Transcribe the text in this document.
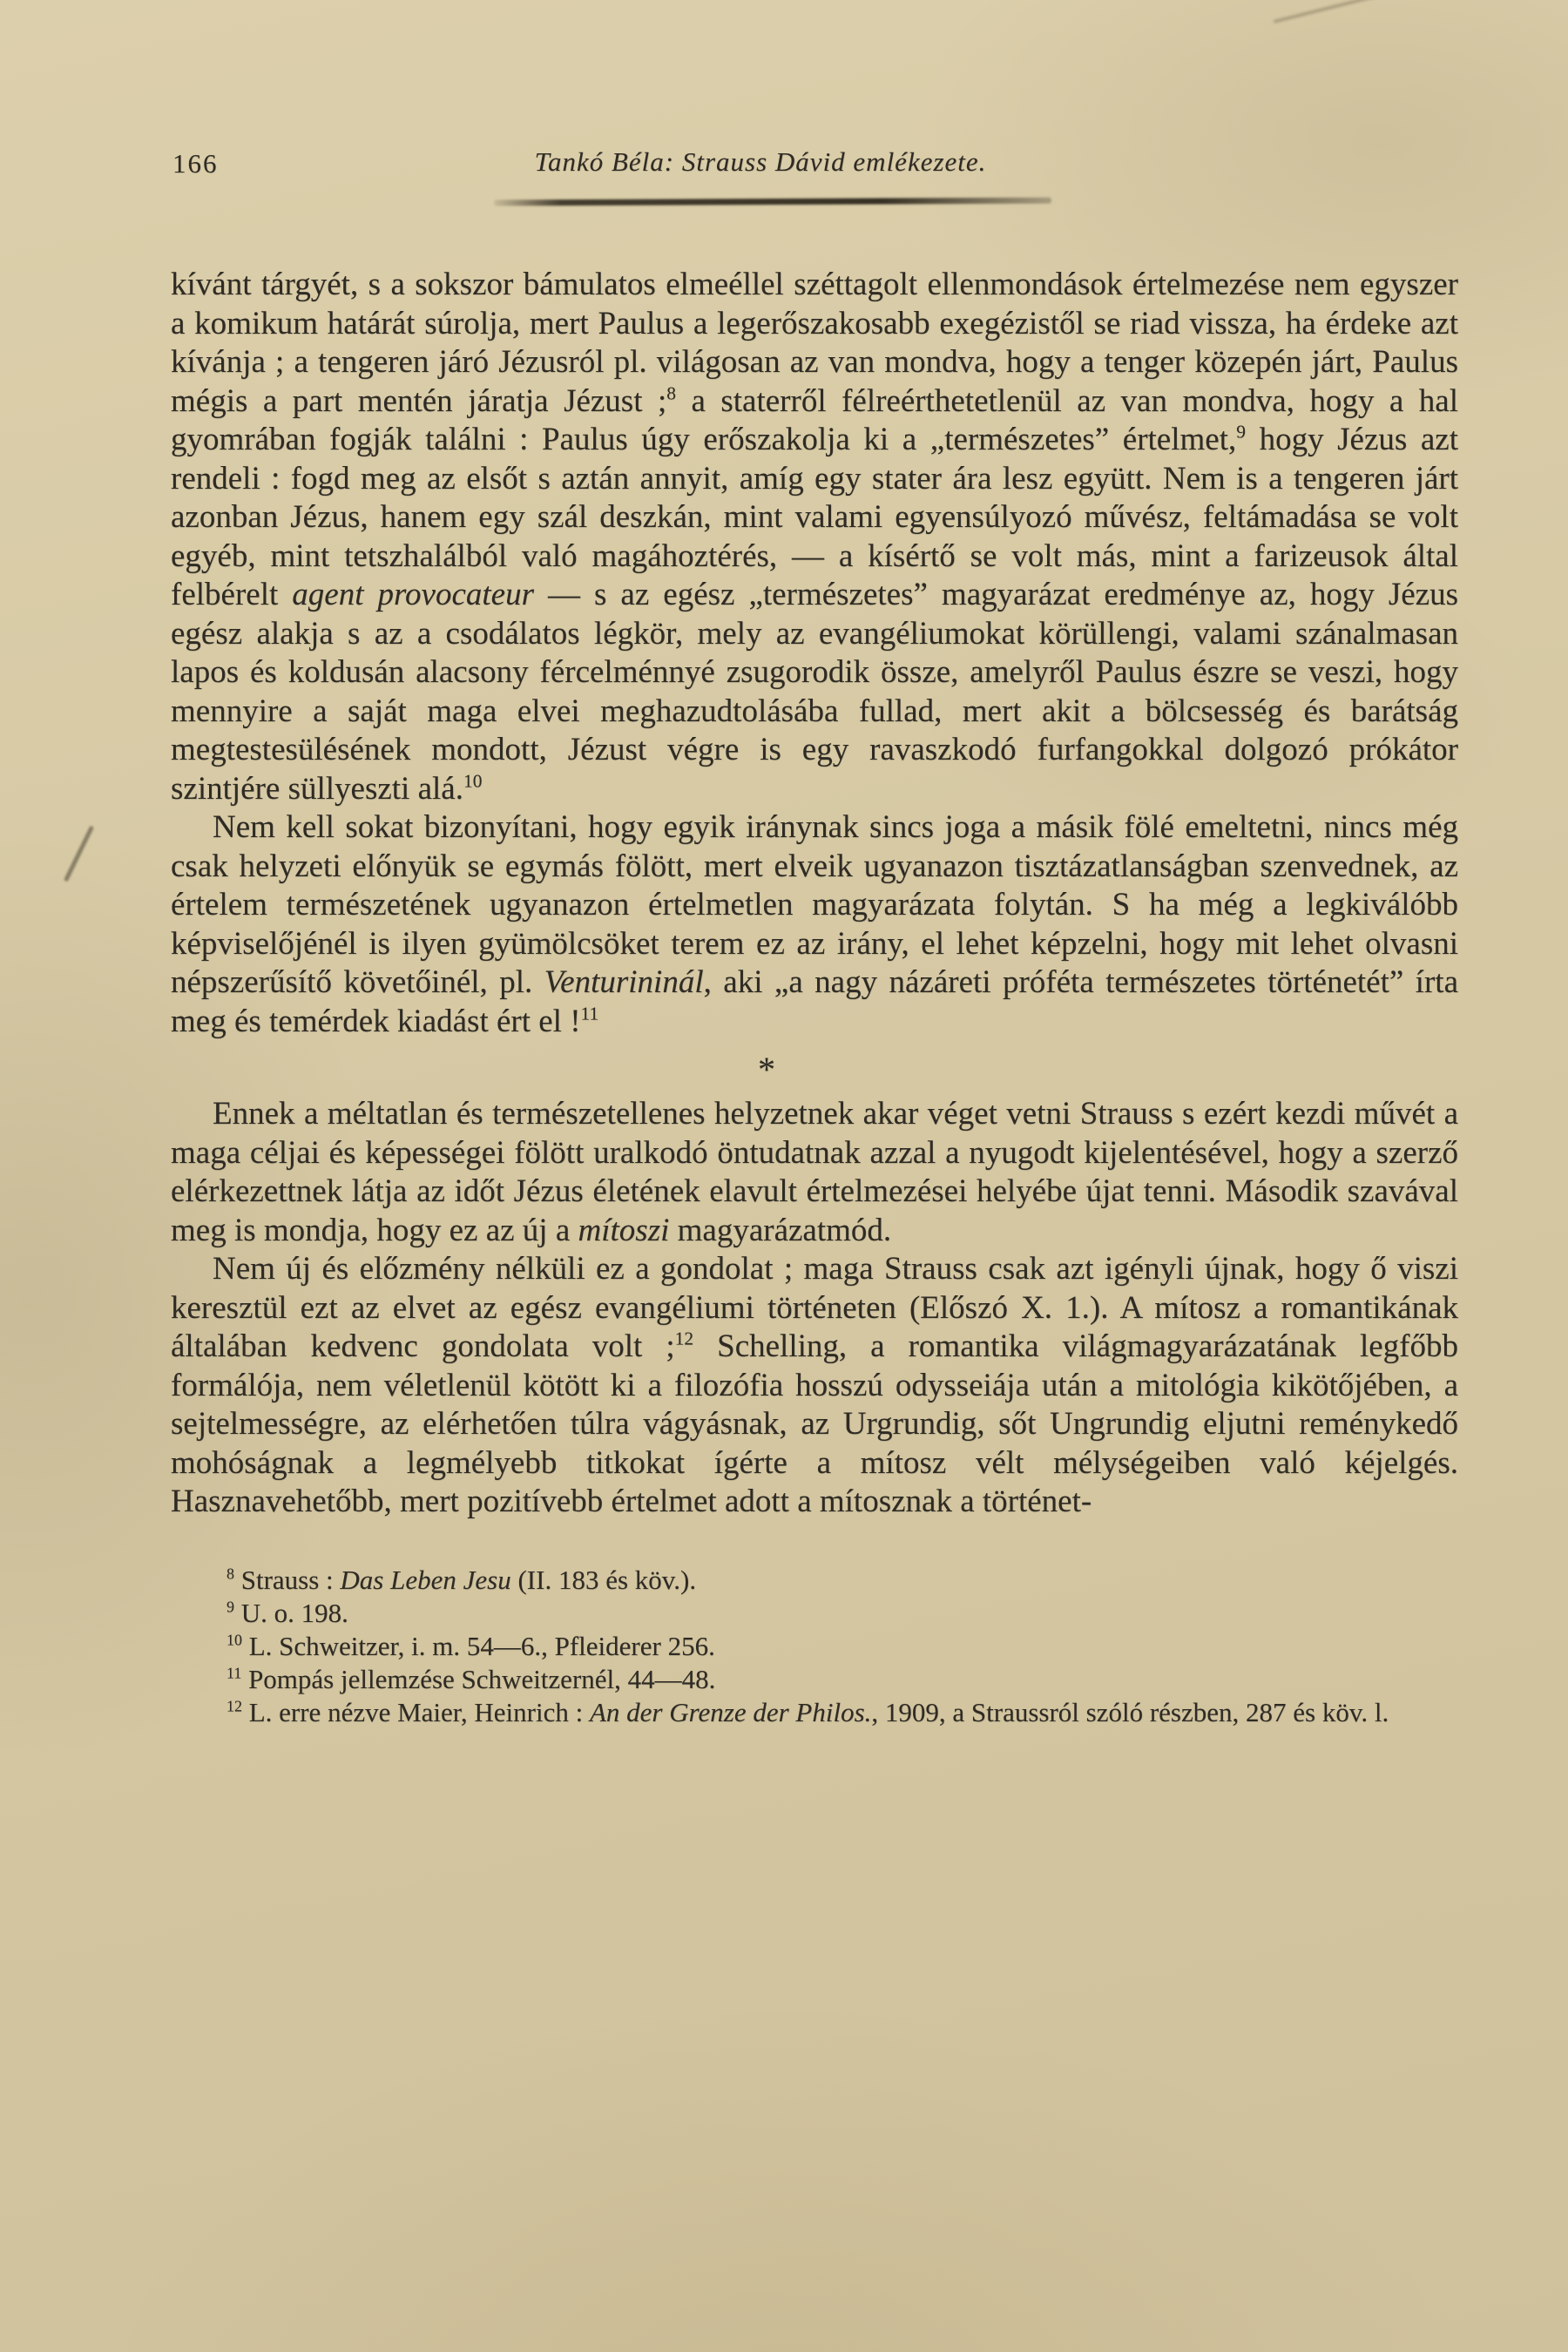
166	Tankó Béla: Strauss Dávid emlékezete.

kívánt tárgyét, s a sokszor bámulatos elmeéllel széttagolt ellenmondások értelmezése nem egyszer a komikum határát súrolja, mert Paulus a legerőszakosabb exegézistől se riad vissza, ha érdeke azt kívánja ; a tengeren járó Jézusról pl. világosan az van mondva, hogy a tenger közepén járt, Paulus mégis a part mentén járatja Jézust ;$^8$ a staterről félreérthetetlenül az van mondva, hogy a hal gyomrában fogják találni : Paulus úgy erőszakolja ki a „természetes” értelmet,$^9$ hogy Jézus azt rendeli : fogd meg az elsőt s aztán annyit, amíg egy stater ára lesz együtt. Nem is a tengeren járt azonban Jézus, hanem egy szál deszkán, mint valami egyensúlyozó művész, feltámadása se volt egyéb, mint tetszhalálból való magáhoztérés, — a kísértő se volt más, mint a farizeusok által felbérelt agent provocateur — s az egész „természetes” magyarázat eredménye az, hogy Jézus egész alakja s az a csodálatos légkör, mely az evangéliumokat körüllengi, valami szánalmasan lapos és koldusán alacsony fércelménnyé zsugorodik össze, amelyről Paulus észre se veszi, hogy mennyire a saját maga elvei meghazudtolásába fullad, mert akit a bölcsesség és barátság megtestesülésének mondott, Jézust végre is egy ravaszkodó furfangokkal dolgozó prókátor szintjére süllyeszti alá.$^{10}$

Nem kell sokat bizonyítani, hogy egyik iránynak sincs joga a másik fölé emeltetni, nincs még csak helyzeti előnyük se egymás fölött, mert elveik ugyanazon tisztázatlanságban szenvednek, az értelem természetének ugyanazon értelmetlen magyarázata folytán. S ha még a legkiválóbb képviselőjénél is ilyen gyümölcsöket terem ez az irány, el lehet képzelni, hogy mit lehet olvasni népszerűsítő követőinél, pl. Venturininál, aki „a nagy názáreti próféta természetes történetét” írta meg és temérdek kiadást ért el !$^{11}$

*

Ennek a méltatlan és természetellenes helyzetnek akar véget vetni Strauss s ezért kezdi művét a maga céljai és képességei fölött uralkodó öntudatnak azzal a nyugodt kijelentésével, hogy a szerző elérkezettnek látja az időt Jézus életének elavult értelmezései helyébe újat tenni. Második szavával meg is mondja, hogy ez az új a mítoszi magyarázatmód.

Nem új és előzmény nélküli ez a gondolat ; maga Strauss csak azt igényli újnak, hogy ő viszi keresztül ezt az elvet az egész evangéliumi történeten (Előszó X. 1.). A mítosz a romantikának általában kedvenc gondolata volt ;$^{12}$ Schelling, a romantika világmagyarázatának legfőbb formálója, nem véletlenül kötött ki a filozófia hosszú odysseiája után a mitológia kikötőjében, a sejtelmességre, az elérhetően túlra vágyásnak, az Urgrundig, sőt Ungrundig eljutni reménykedő mohóságnak a legmélyebb titkokat ígérte a mítosz vélt mélységeiben való kéjelgés. Hasznavehetőbb, mert pozitívebb értelmet adott a mítosznak a történet-

$^8$ Strauss : Das Leben Jesu (II. 183 és köv.).

$^9$ U. o. 198.

$^{10}$ L. Schweitzer, i. m. 54—6., Pfleiderer 256.

$^{11}$ Pompás jellemzése Schweitzernél, 44—48.

$^{12}$ L. erre nézve Maier, Heinrich : An der Grenze der Philos., 1909, a Straussról szóló részben, 287 és köv. l.
